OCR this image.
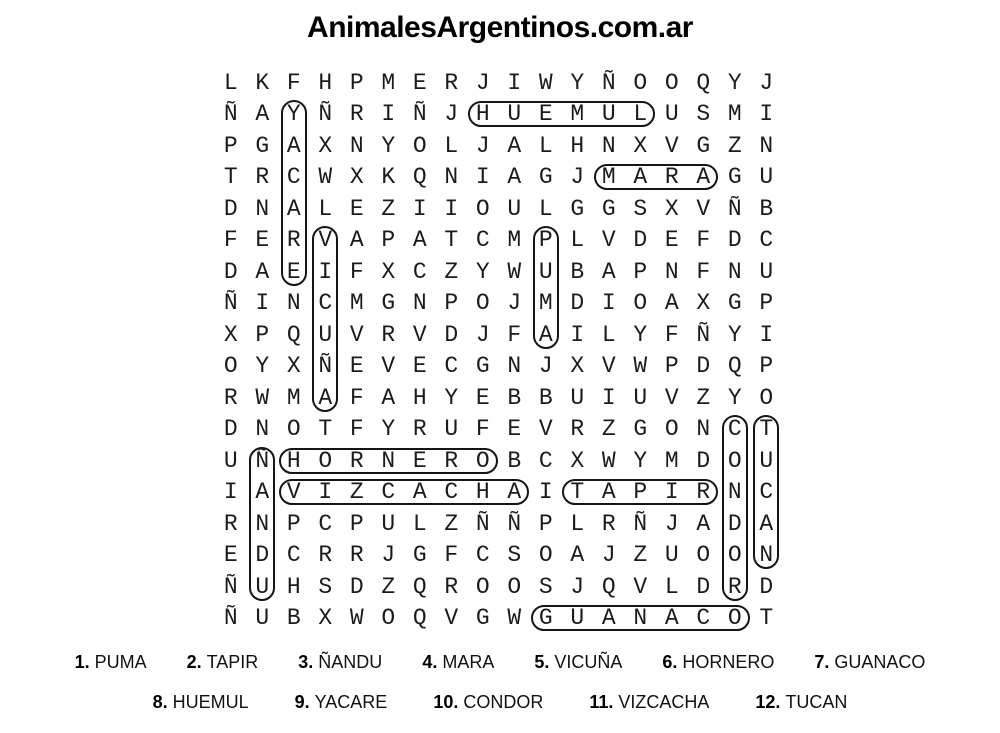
AnimalesArgentinos.com.ar
L K F H P M E R J I W Y Ñ O O Q Y J
Ñ A Y Ñ R I Ñ J H U E M U L U S M I
P G A X N Y O L J A L H N X V G Z N
T R C W X K Q N I A G J M A R A G U
D N A L E Z I I O U L G G S X V Ñ B
F E R V A P A T C M P L V D E F D C
D A E I F X C Z Y W U B A P N F N U
Ñ I N C M G N P O J M D I O A X G P
X P Q U V R V D J F A I L Y F Ñ Y I
O Y X Ñ E V E C G N J X V W P D Q P
R W M A F A H Y E B B U I U V Z Y O
D N O T F Y R U F E V R Z G O N C T
U Ñ H O R N E R O B C X W Y M D O U
I A V I Z C A C H A I T A P I R N C
R N P C P U L Z Ñ Ñ P L R Ñ J A D A
E D C R R J G F C S O A J Z U O O N
Ñ U H S D Z Q R O O S J Q V L D R D
Ñ U B X W O Q V G W G U A N A C O T
1. PUMA 2. TAPIR 3. ÑANDU 4. MARA 5. VICUÑA 6. HORNERO 7. GUANACO
8. HUEMUL	9. YACARE	10. CONDOR	11. VIZCACHA	12. TUCAN
